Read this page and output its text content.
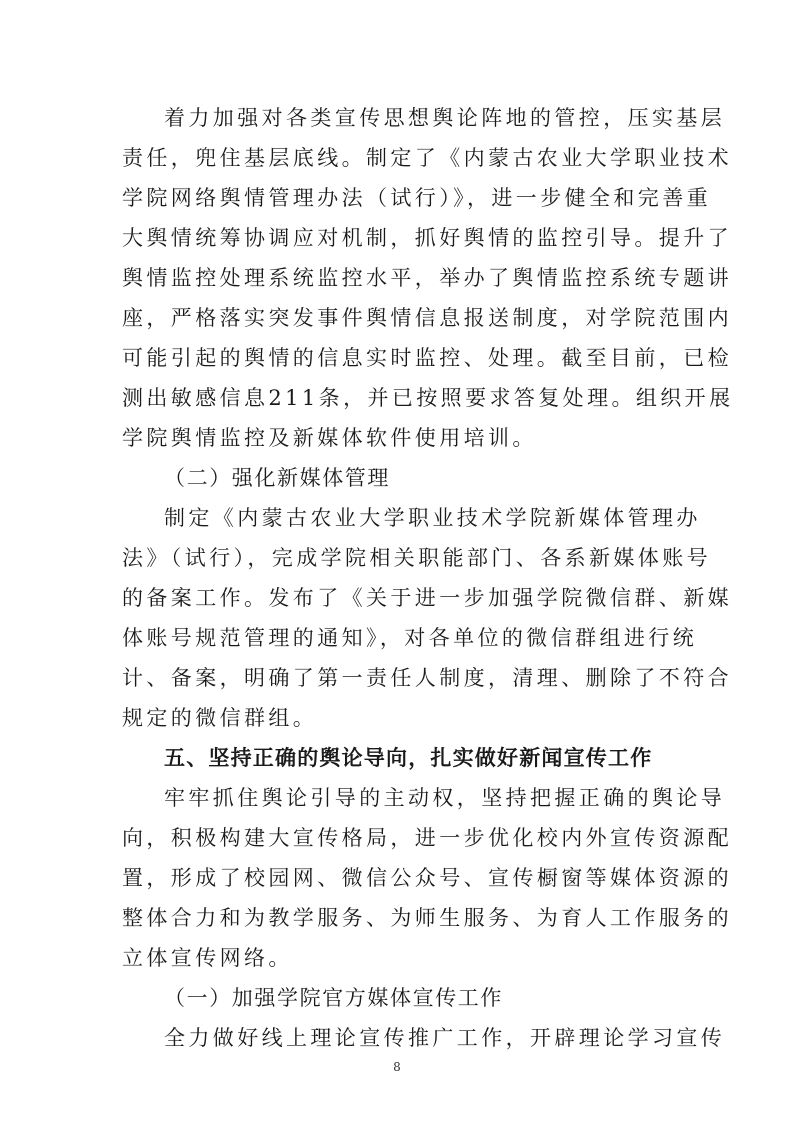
着力加强对各类宣传思想舆论阵地的管控，压实基层
责任，兜住基层底线。制定了《内蒙古农业大学职业技术
学院网络舆情管理办法（试行）》，进一步健全和完善重
大舆情统筹协调应对机制，抓好舆情的监控引导。提升了
舆情监控处理系统监控水平，举办了舆情监控系统专题讲
座，严格落实突发事件舆情信息报送制度，对学院范围内
可能引起的舆情的信息实时监控、处理。截至目前，已检
测出敏感信息211条，并已按照要求答复处理。组织开展
学院舆情监控及新媒体软件使用培训。
（二）强化新媒体管理
制定《内蒙古农业大学职业技术学院新媒体管理办
法》（试行），完成学院相关职能部门、各系新媒体账号
的备案工作。发布了《关于进一步加强学院微信群、新媒
体账号规范管理的通知》，对各单位的微信群组进行统
计、备案，明确了第一责任人制度，清理、删除了不符合
规定的微信群组。
五、坚持正确的舆论导向，扎实做好新闻宣传工作
牢牢抓住舆论引导的主动权，坚持把握正确的舆论导
向，积极构建大宣传格局，进一步优化校内外宣传资源配
置，形成了校园网、微信公众号、宣传橱窗等媒体资源的
整体合力和为教学服务、为师生服务、为育人工作服务的
立体宣传网络。
（一）加强学院官方媒体宣传工作
全力做好线上理论宣传推广工作，开辟理论学习宣传
8
